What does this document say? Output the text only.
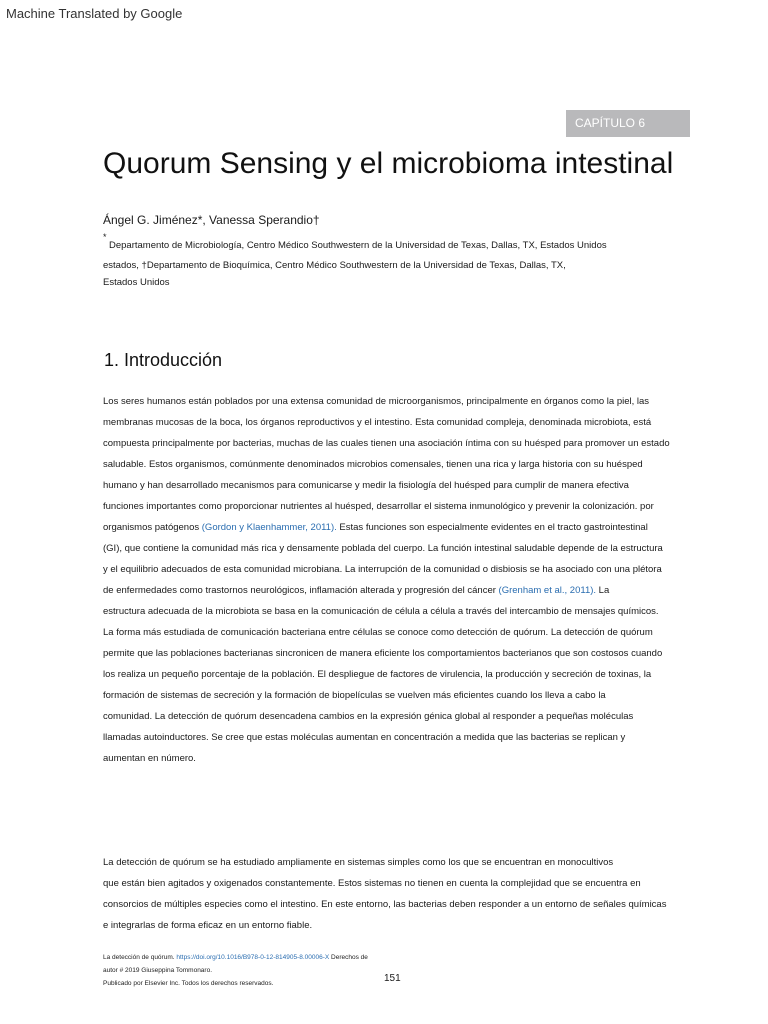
Machine Translated by Google
CAPÍTULO 6
Quorum Sensing y el microbioma intestinal
Ángel G. Jiménez*, Vanessa Sperandio†
*
Departamento de Microbiología, Centro Médico Southwestern de la Universidad de Texas, Dallas, TX, Estados Unidos
estados, †Departamento de Bioquímica, Centro Médico Southwestern de la Universidad de Texas, Dallas, TX,
Estados Unidos
1. Introducción
Los seres humanos están poblados por una extensa comunidad de microorganismos, principalmente en órganos como la piel, las
membranas mucosas de la boca, los órganos reproductivos y el intestino. Esta comunidad compleja, denominada microbiota, está
compuesta principalmente por bacterias, muchas de las cuales tienen una asociación íntima con su huésped para promover un estado
saludable. Estos organismos, comúnmente denominados microbios comensales, tienen una rica y larga historia con su huésped
humano y han desarrollado mecanismos para comunicarse y medir la fisiología del huésped para cumplir de manera efectiva
funciones importantes como proporcionar nutrientes al huésped, desarrollar el sistema inmunológico y prevenir la colonización. por
organismos patógenos (Gordon y Klaenhammer, 2011). Estas funciones son especialmente evidentes en el tracto gastrointestinal
(GI), que contiene la comunidad más rica y densamente poblada del cuerpo. La función intestinal saludable depende de la estructura
y el equilibrio adecuados de esta comunidad microbiana. La interrupción de la comunidad o disbiosis se ha asociado con una plétora
de enfermedades como trastornos neurológicos, inflamación alterada y progresión del cáncer (Grenham et al., 2011). La
estructura adecuada de la microbiota se basa en la comunicación de célula a célula a través del intercambio de mensajes químicos.
La forma más estudiada de comunicación bacteriana entre células se conoce como detección de quórum. La detección de quórum
permite que las poblaciones bacterianas sincronicen de manera eficiente los comportamientos bacterianos que son costosos cuando
los realiza un pequeño porcentaje de la población. El despliegue de factores de virulencia, la producción y secreción de toxinas, la
formación de sistemas de secreción y la formación de biopelículas se vuelven más eficientes cuando los lleva a cabo la
comunidad. La detección de quórum desencadena cambios en la expresión génica global al responder a pequeñas moléculas
llamadas autoinductores. Se cree que estas moléculas aumentan en concentración a medida que las bacterias se replican y
aumentan en número.
La detección de quórum se ha estudiado ampliamente en sistemas simples como los que se encuentran en monocultivos
que están bien agitados y oxigenados constantemente. Estos sistemas no tienen en cuenta la complejidad que se encuentra en
consorcios de múltiples especies como el intestino. En este entorno, las bacterias deben responder a un entorno de señales químicas
e integrarlas de forma eficaz en un entorno fiable.
La detección de quórum. https://doi.org/10.1016/B978-0-12-814905-8.00006-X Derechos de
autor # 2019 Giuseppina Tommonaro.
Publicado por Elsevier Inc. Todos los derechos reservados.	151
